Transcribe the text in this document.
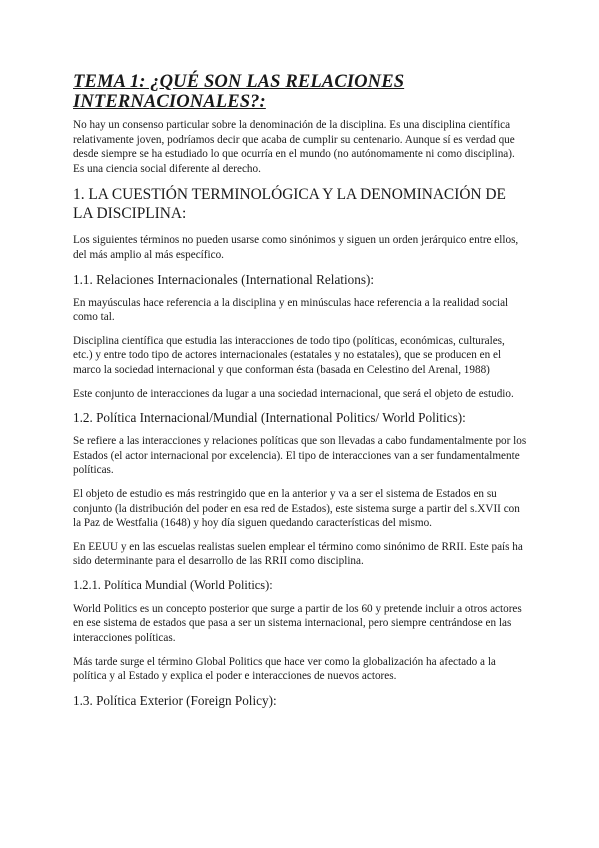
TEMA 1: ¿QUÉ SON LAS RELACIONES INTERNACIONALES?:

No hay un consenso particular sobre la denominación de la disciplina. Es una disciplina científica relativamente joven, podríamos decir que acaba de cumplir su centenario. Aunque sí es verdad que desde siempre se ha estudiado lo que ocurría en el mundo (no autónomamente ni como disciplina). Es una ciencia social diferente al derecho.

1. LA CUESTIÓN TERMINOLÓGICA Y LA DENOMINACIÓN DE LA DISCIPLINA:

Los siguientes términos no pueden usarse como sinónimos y siguen un orden jerárquico entre ellos, del más amplio al más específico.

1.1. Relaciones Internacionales (International Relations):

En mayúsculas hace referencia a la disciplina y en minúsculas hace referencia a la realidad social como tal.

Disciplina científica que estudia las interacciones de todo tipo (políticas, económicas, culturales, etc.) y entre todo tipo de actores internacionales (estatales y no estatales), que se producen en el marco la sociedad internacional y que conforman ésta (basada en Celestino del Arenal, 1988)

Este conjunto de interacciones da lugar a una sociedad internacional, que será el objeto de estudio.

1.2. Política Internacional/Mundial (International Politics/ World Politics):

Se refiere a las interacciones y relaciones políticas que son llevadas a cabo fundamentalmente por los Estados (el actor internacional por excelencia). El tipo de interacciones van a ser fundamentalmente políticas.

El objeto de estudio es más restringido que en la anterior y va a ser el sistema de Estados en su conjunto (la distribución del poder en esa red de Estados), este sistema surge a partir del s.XVII con la Paz de Westfalia (1648) y hoy día siguen quedando características del mismo.

En EEUU y en las escuelas realistas suelen emplear el término como sinónimo de RRII. Este país ha sido determinante para el desarrollo de las RRII como disciplina.

1.2.1. Política Mundial (World Politics):

World Politics es un concepto posterior que surge a partir de los 60 y pretende incluir a otros actores en ese sistema de estados que pasa a ser un sistema internacional, pero siempre centrándose en las interacciones políticas.

Más tarde surge el término Global Politics que hace ver como la globalización ha afectado a la política y al Estado y explica el poder e interacciones de nuevos actores.

1.3. Política Exterior (Foreign Policy):
